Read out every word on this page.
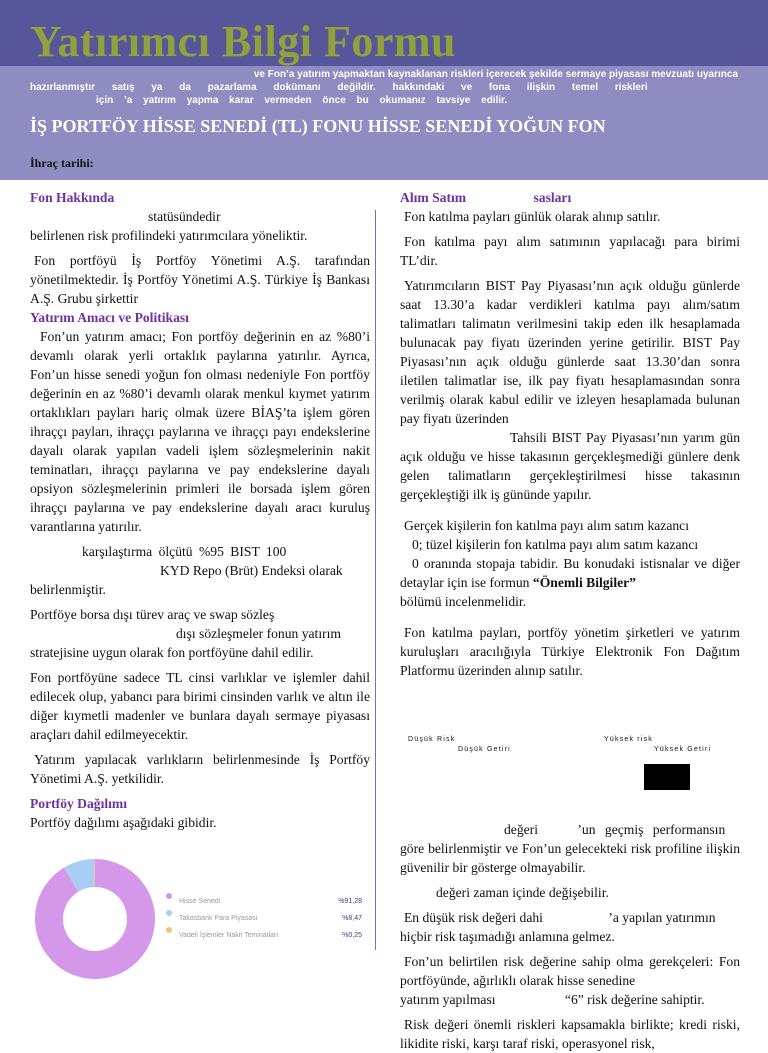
Yatırımcı Bilgi Formu
ve Fon’a yatırım yapmaktan kaynaklanan riskleri içerecek şekilde sermaye piyasası mevzuatı uyarınca
hazırlanmıştır satış ya da pazarlama dokümanı değildir. hakkındaki ve fona ilişkin temel riskleri
için ’a yatırım yapma karar vermeden önce bu okumanız tavsiye edilir.
İŞ PORTFÖY HİSSE SENEDİ (TL) FONU HİSSE SENEDİ YOĞUN FON
İhraç tarihi:
Fon Hakkında

statüsündedir

belirlenen risk profilindeki yatırımcılara yöneliktir.

Fon portföyü İş Portföy Yönetimi A.Ş. tarafından yönetilmektedir. İş Portföy Yönetimi A.Ş. Türkiye İş Bankası A.Ş. Grubu şirkettir

Yatırım Amacı ve Politikası

Fon’un yatırım amacı; Fon portföy değerinin en az %80’i devamlı olarak yerli ortaklık paylarına yatırılır. Ayrıca, Fon’un hisse senedi yoğun fon olması nedeniyle Fon portföy değerinin en az %80’i devamlı olarak menkul kıymet yatırım ortaklıkları payları hariç olmak üzere BİAŞ’ta işlem gören ihraççı payları, ihraççı paylarına ve ihraççı payı endekslerine dayalı olarak yapılan vadeli işlem sözleşmelerinin nakit teminatları, ihraççı paylarına ve pay endekslerine dayalı opsiyon sözleşmelerinin primleri ile borsada işlem gören ihraççı paylarına ve pay endekslerine dayalı aracı kuruluş varantlarına yatırılır.

karşılaştırma ölçütü %95 BIST 100

KYD Repo (Brüt) Endeksi olarak

belirlenmiştir.

Portföye borsa dışı türev araç ve swap sözleş

dışı sözleşmeler fonun yatırım

stratejisine uygun olarak fon portföyüne dahil edilir.

Fon portföyüne sadece TL cinsi varlıklar ve işlemler dahil edilecek olup, yabancı para birimi cinsinden varlık ve altın ile diğer kıymetli madenler ve bunlara dayalı sermaye piyasası araçları dahil edilmeyecektir.

Yatırım yapılacak varlıkların belirlenmesinde İş Portföy Yönetimi A.Ş. yetkilidir.

Portföy Dağılımı

Portföy dağılımı aşağıdaki gibidir.

Hisse Senedi	%91,28
Takasbank Para Piyasası	%8,47
Vadeli İşlemler Nakit Teminatları	%0,25
Alım Satım	sasları

Fon katılma payları günlük olarak alınıp satılır.

Fon katılma payı alım satımının yapılacağı para birimi TL’dir.

Yatırımcıların BIST Pay Piyasası’nın açık olduğu günlerde saat 13.30’a kadar verdikleri katılma payı alım/satım talimatları talimatın verilmesini takip eden ilk hesaplamada bulunacak pay fiyatı üzerinden yerine getirilir. BIST Pay Piyasası’nın açık olduğu günlerde saat 13.30’dan sonra iletilen talimatlar ise, ilk pay fiyatı hesaplamasından sonra verilmiş olarak kabul edilir ve izleyen hesaplamada bulunan pay fiyatı üzerinden

Tahsili BIST Pay Piyasası’nın yarım gün açık olduğu ve hisse takasının gerçekleşmediği günlere denk gelen talimatların gerçekleştirilmesi hisse takasının gerçekleştiği ilk iş gününde yapılır.

Gerçek kişilerin fon katılma payı alım satım kazancı

0; tüzel kişilerin fon katılma payı alım satım kazancı

0 oranında stopaja tabidir. Bu konudaki istisnalar ve diğer detaylar için ise formun “Önemli Bilgiler”

bölümü incelenmelidir.

Fon katılma payları, portföy yönetim şirketleri ve yatırım kuruluşları aracılığıyla Türkiye Elektronik Fon Dağıtım Platformu üzerinden alınıp satılır.

Düşük Risk
Düşük Getiri
Yüksek risk
Yüksek Getiri

değeri	’un geçmiş performansın

göre belirlenmiştir ve Fon’un gelecekteki risk profiline ilişkin güvenilir bir gösterge olmayabilir.

değeri zaman içinde değişebilir.

En düşük risk değeri dahi	’a yapılan yatırımın

hiçbir risk taşımadığı anlamına gelmez.

Fon’un belirtilen risk değerine sahip olma gerekçeleri: Fon portföyünde, ağırlıklı olarak hisse senedine

yatırım yapılması	“6” risk değerine sahiptir.

Risk değeri önemli riskleri kapsamakla birlikte; kredi riski, likidite riski, karşı taraf riski, operasyonel risk,
